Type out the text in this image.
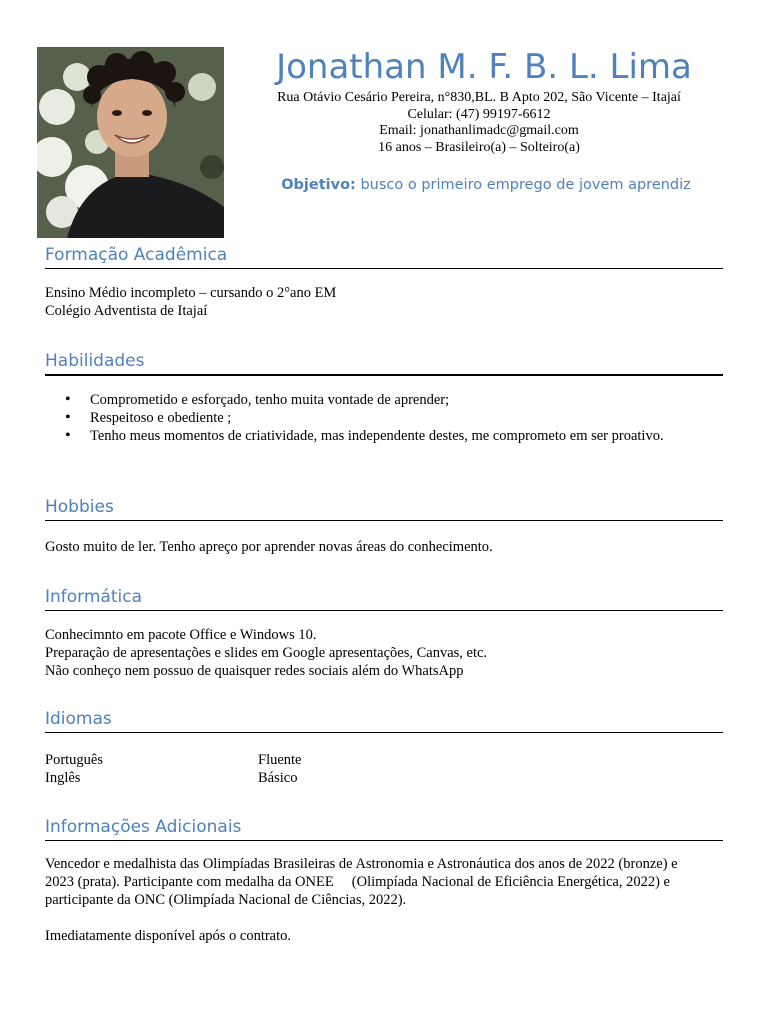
Jonathan M. F. B. L. Lima
Rua Otávio Cesário Pereira, n°830,BL. B Apto 202, São Vicente – Itajaí
Celular: (47) 99197-6612
Email: jonathanlimadc@gmail.com
16 anos – Brasileiro(a) – Solteiro(a)
Objetivo: busco o primeiro emprego de jovem aprendiz
Formação Acadêmica
Ensino Médio incompleto – cursando o 2°ano EM
Colégio Adventista de Itajaí
Habilidades
• Comprometido e esforçado, tenho muita vontade de aprender;
• Respeitoso e obediente ;
• Tenho meus momentos de criatividade, mas independente destes, me comprometo em ser proativo.
Hobbies
Gosto muito de ler. Tenho apreço por aprender novas áreas do conhecimento.
Informática
Conhecimnto em pacote Office e Windows 10.
Preparação de apresentações e slides em Google apresentações, Canvas, etc.
Não conheço nem possuo de quaisquer redes sociais além do WhatsApp
Idiomas
Português	Fluente
Inglês	Básico
Informações Adicionais
Vencedor e medalhista das Olimpíadas Brasileiras de Astronomia e Astronáutica dos anos de 2022 (bronze) e
2023 (prata). Participante com medalha da ONEE     (Olimpíada Nacional de Eficiência Energética, 2022) e
participante da ONC (Olimpíada Nacional de Ciências, 2022).
Imediatamente disponível após o contrato.
